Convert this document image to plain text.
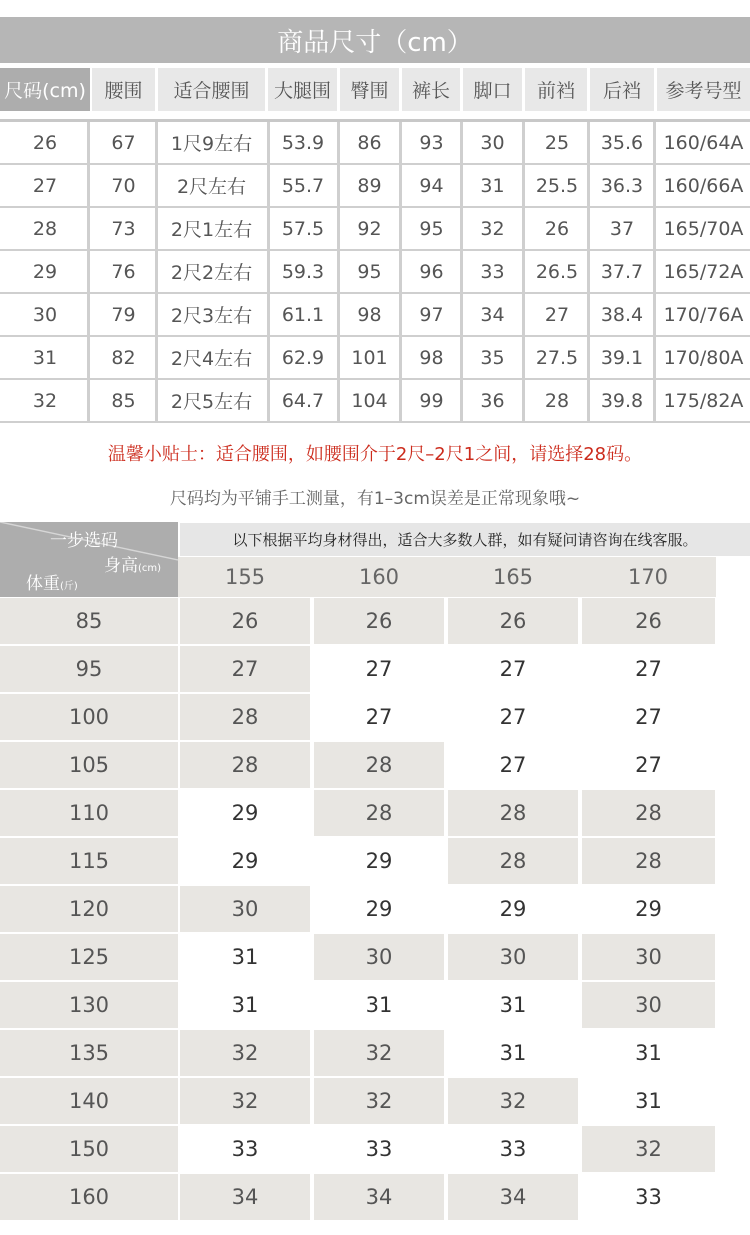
商品尺寸（cm）
尺码(cm) 腰围	适合腰围	大腿围	臀围	裤长	脚口	前裆	后裆	参考号型
26	67	1尺9左右	53.9	86	93	30	25	35.6	160/64A
27	70	2尺左右	55.7	89	94	31	25.5	36.3	160/66A
28	73	2尺1左右	57.5	92	95	32	26	37	165/70A
29	76	2尺2左右	59.3	95	96	33	26.5	37.7	165/72A
30	79	2尺3左右	61.1	98	97	34	27	38.4	170/76A
31	82	2尺4左右	62.9	101	98	35	27.5	39.1	170/80A
32	85	2尺5左右	64.7	104	99	36	28	39.8	175/82A
温馨小贴士：适合腰围，如腰围介于2尺–2尺1之间，请选择28码。
尺码均为平铺手工测量，有1–3cm误差是正常现象哦~
一步选码
身高(cm)
体重(斤)
以下根据平均身材得出，适合大多数人群，如有疑问请咨询在线客服。
155	160	165	170
85	26	26	26	26
95	27	27	27	27
100	28	27	27	27
105	28	28	27	27
110	29	28	28	28
115	29	29	28	28
120	30	29	29	29
125	31	30	30	30
130	31	31	31	30
135	32	32	31	31
140	32	32	32	31
150	33	33	33	32
160	34	34	34	33
